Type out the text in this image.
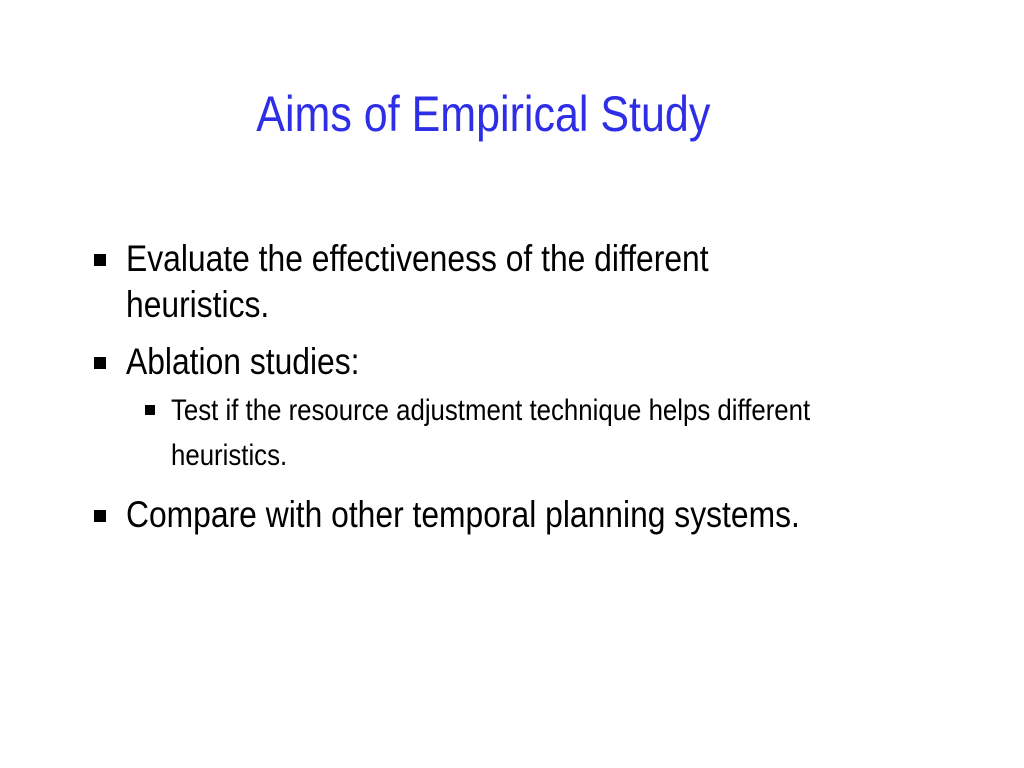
Aims of Empirical Study
Evaluate the effectiveness of the different heuristics.
Ablation studies:
Test if the resource adjustment technique helps different heuristics.
Compare with other temporal planning systems.
